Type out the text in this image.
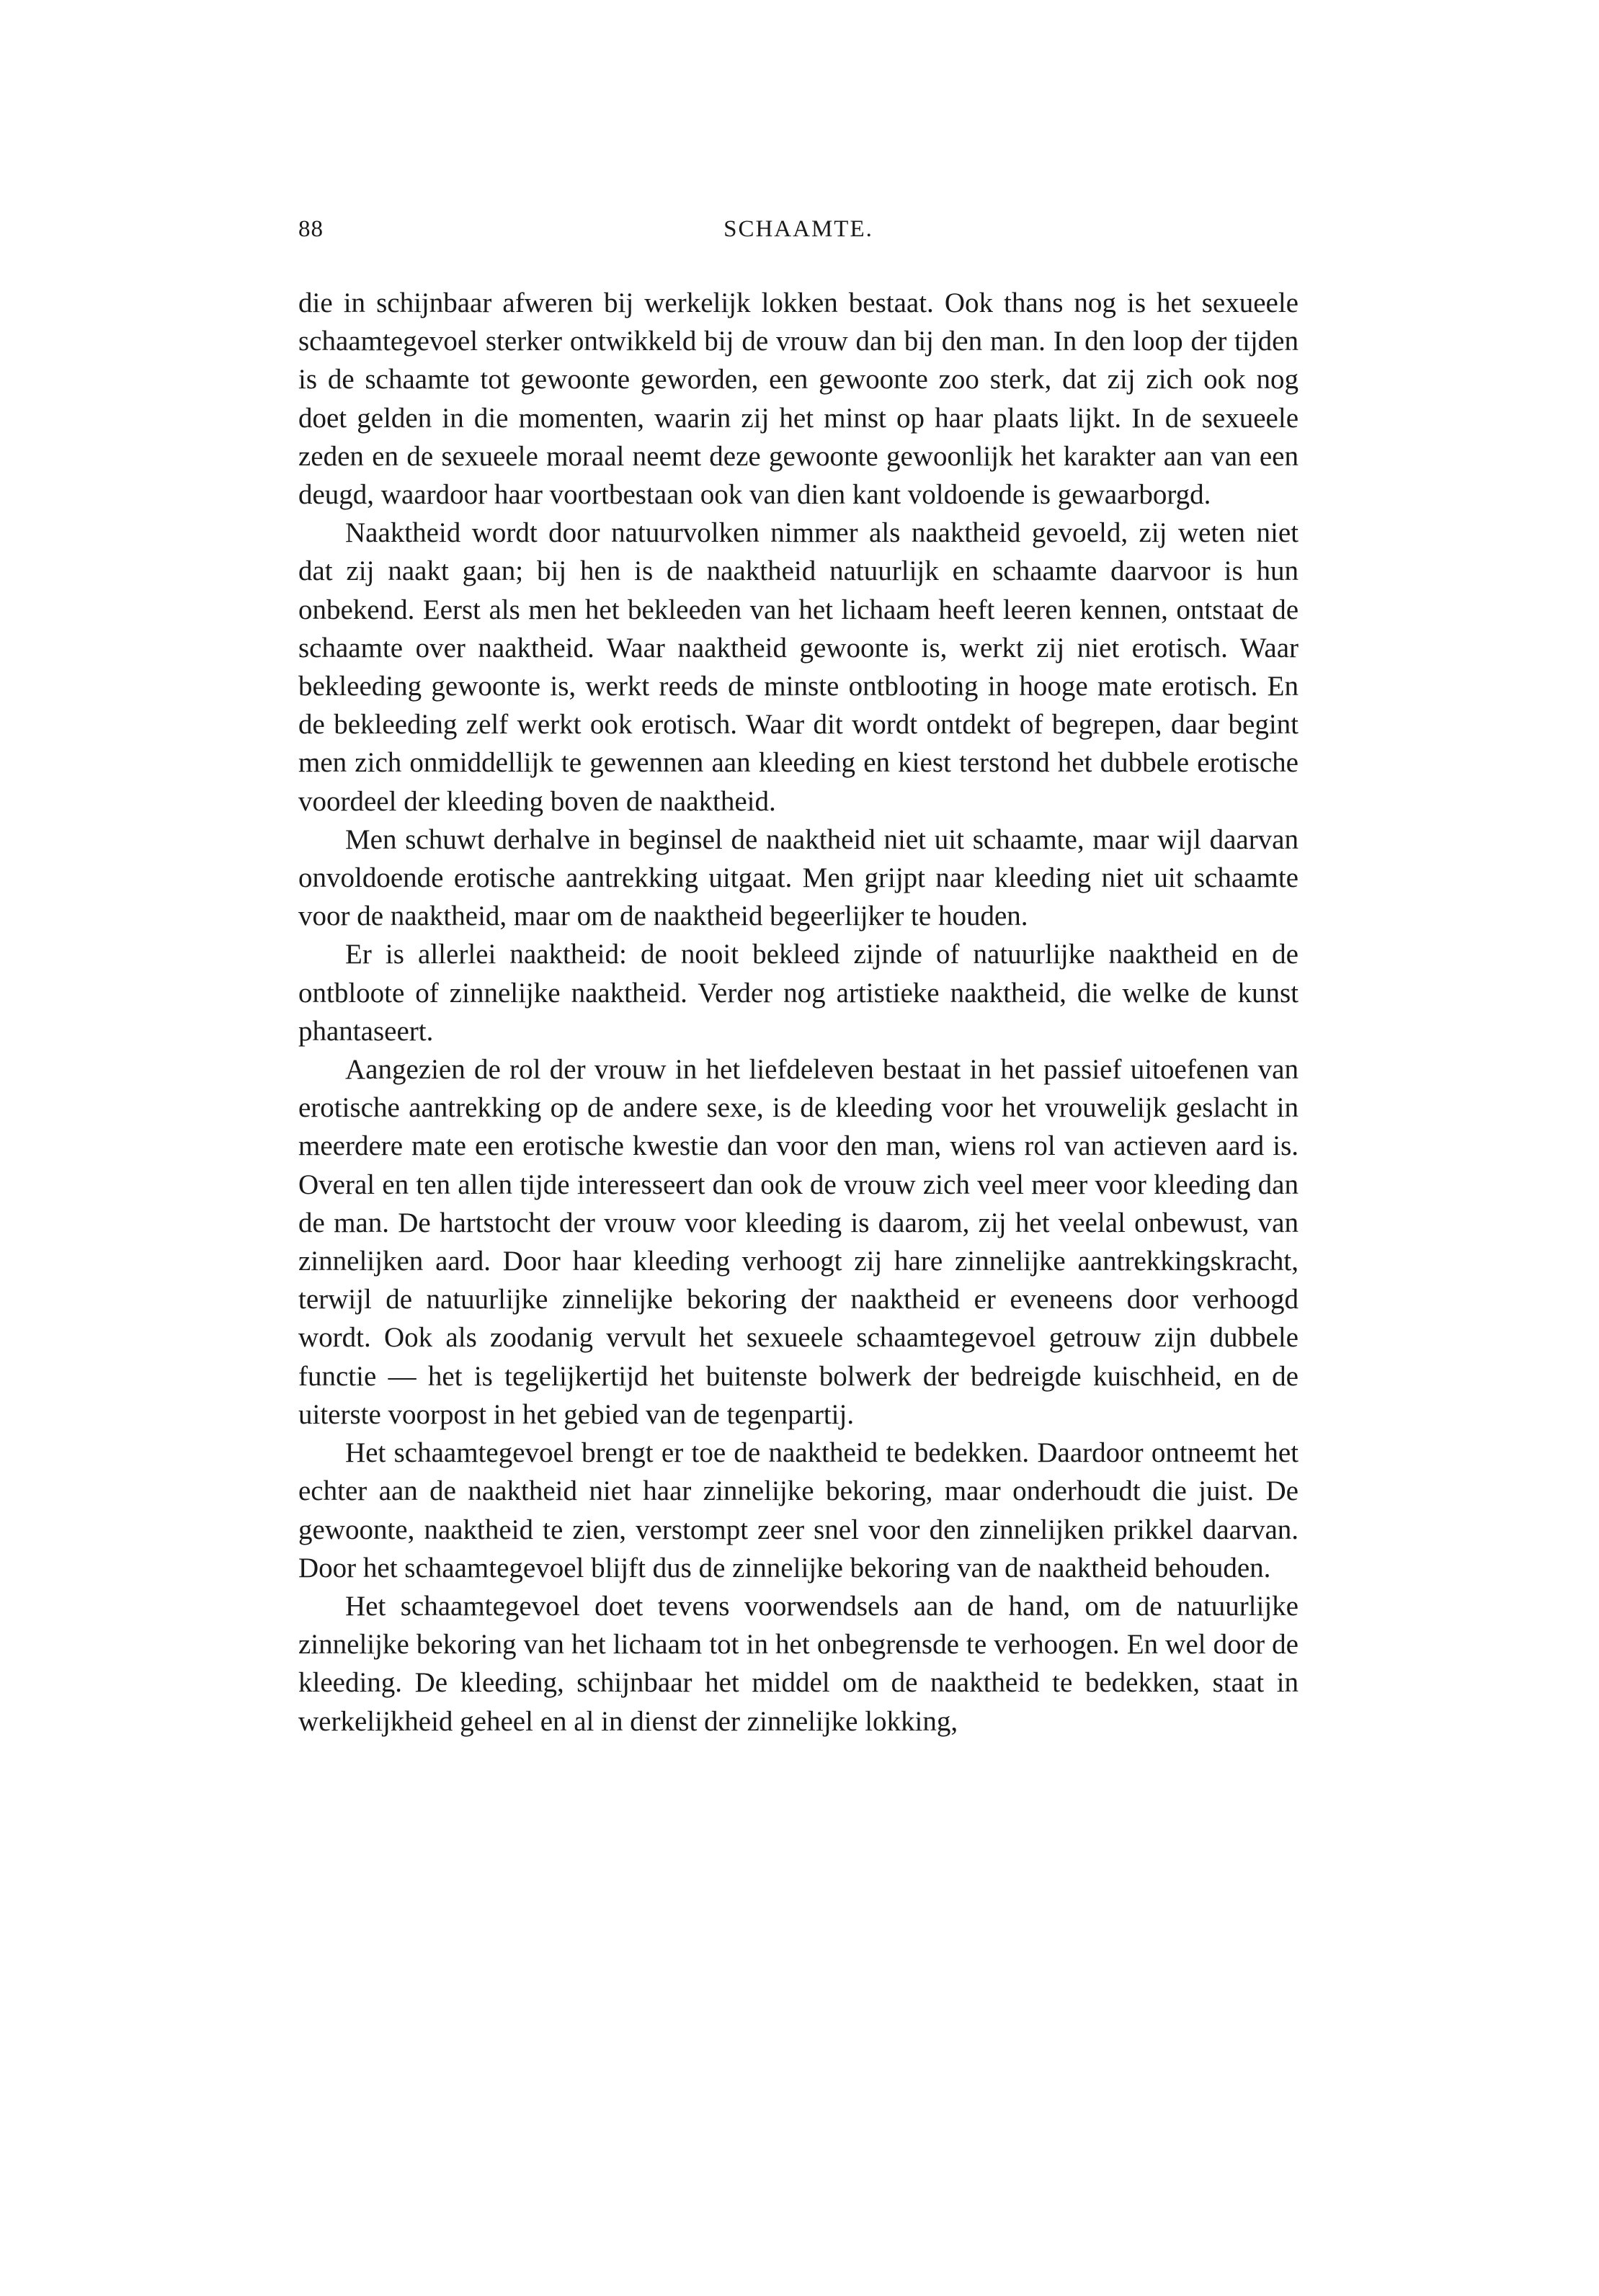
88	SCHAAMTE.

die in schijnbaar afweren bij werkelijk lokken bestaat. Ook thans nog is het sexueele schaamtegevoel sterker ontwikkeld bij de vrouw dan bij den man. In den loop der tijden is de schaamte tot gewoonte geworden, een gewoonte zoo sterk, dat zij zich ook nog doet gelden in die momenten, waarin zij het minst op haar plaats lijkt. In de sexueele zeden en de sexueele moraal neemt deze gewoonte gewoonlijk het karakter aan van een deugd, waardoor haar voortbestaan ook van dien kant voldoende is gewaarborgd.

Naaktheid wordt door natuurvolken nimmer als naaktheid gevoeld, zij weten niet dat zij naakt gaan; bij hen is de naaktheid natuurlijk en schaamte daarvoor is hun onbekend. Eerst als men het bekleeden van het lichaam heeft leeren kennen, ontstaat de schaamte over naaktheid. Waar naaktheid gewoonte is, werkt zij niet erotisch. Waar bekleeding gewoonte is, werkt reeds de minste ontblooting in hooge mate erotisch. En de bekleeding zelf werkt ook erotisch. Waar dit wordt ontdekt of begrepen, daar begint men zich onmiddellijk te gewennen aan kleeding en kiest terstond het dubbele erotische voordeel der kleeding boven de naaktheid.

Men schuwt derhalve in beginsel de naaktheid niet uit schaamte, maar wijl daarvan onvoldoende erotische aantrekking uitgaat. Men grijpt naar kleeding niet uit schaamte voor de naaktheid, maar om de naaktheid begeerlijker te houden.

Er is allerlei naaktheid: de nooit bekleed zijnde of natuurlijke naaktheid en de ontbloote of zinnelijke naaktheid. Verder nog artistieke naaktheid, die welke de kunst phantaseert.

Aangezien de rol der vrouw in het liefdeleven bestaat in het passief uitoefenen van erotische aantrekking op de andere sexe, is de kleeding voor het vrouwelijk geslacht in meerdere mate een erotische kwestie dan voor den man, wiens rol van actieven aard is. Overal en ten allen tijde interesseert dan ook de vrouw zich veel meer voor kleeding dan de man. De hartstocht der vrouw voor kleeding is daarom, zij het veelal onbewust, van zinnelijken aard. Door haar kleeding verhoogt zij hare zinnelijke aantrekkingskracht, terwijl de natuurlijke zinnelijke bekoring der naaktheid er eveneens door verhoogd wordt. Ook als zoodanig vervult het sexueele schaamtegevoel getrouw zijn dubbele functie — het is tegelijkertijd het buitenste bolwerk der bedreigde kuischheid, en de uiterste voorpost in het gebied van de tegenpartij.

Het schaamtegevoel brengt er toe de naaktheid te bedekken. Daardoor ontneemt het echter aan de naaktheid niet haar zinnelijke bekoring, maar onderhoudt die juist. De gewoonte, naaktheid te zien, verstompt zeer snel voor den zinnelijken prikkel daarvan. Door het schaamtegevoel blijft dus de zinnelijke bekoring van de naaktheid behouden.

Het schaamtegevoel doet tevens voorwendsels aan de hand, om de natuurlijke zinnelijke bekoring van het lichaam tot in het onbegrensde te verhoogen. En wel door de kleeding. De kleeding, schijnbaar het middel om de naaktheid te bedekken, staat in werkelijkheid geheel en al in dienst der zinnelijke lokking,
